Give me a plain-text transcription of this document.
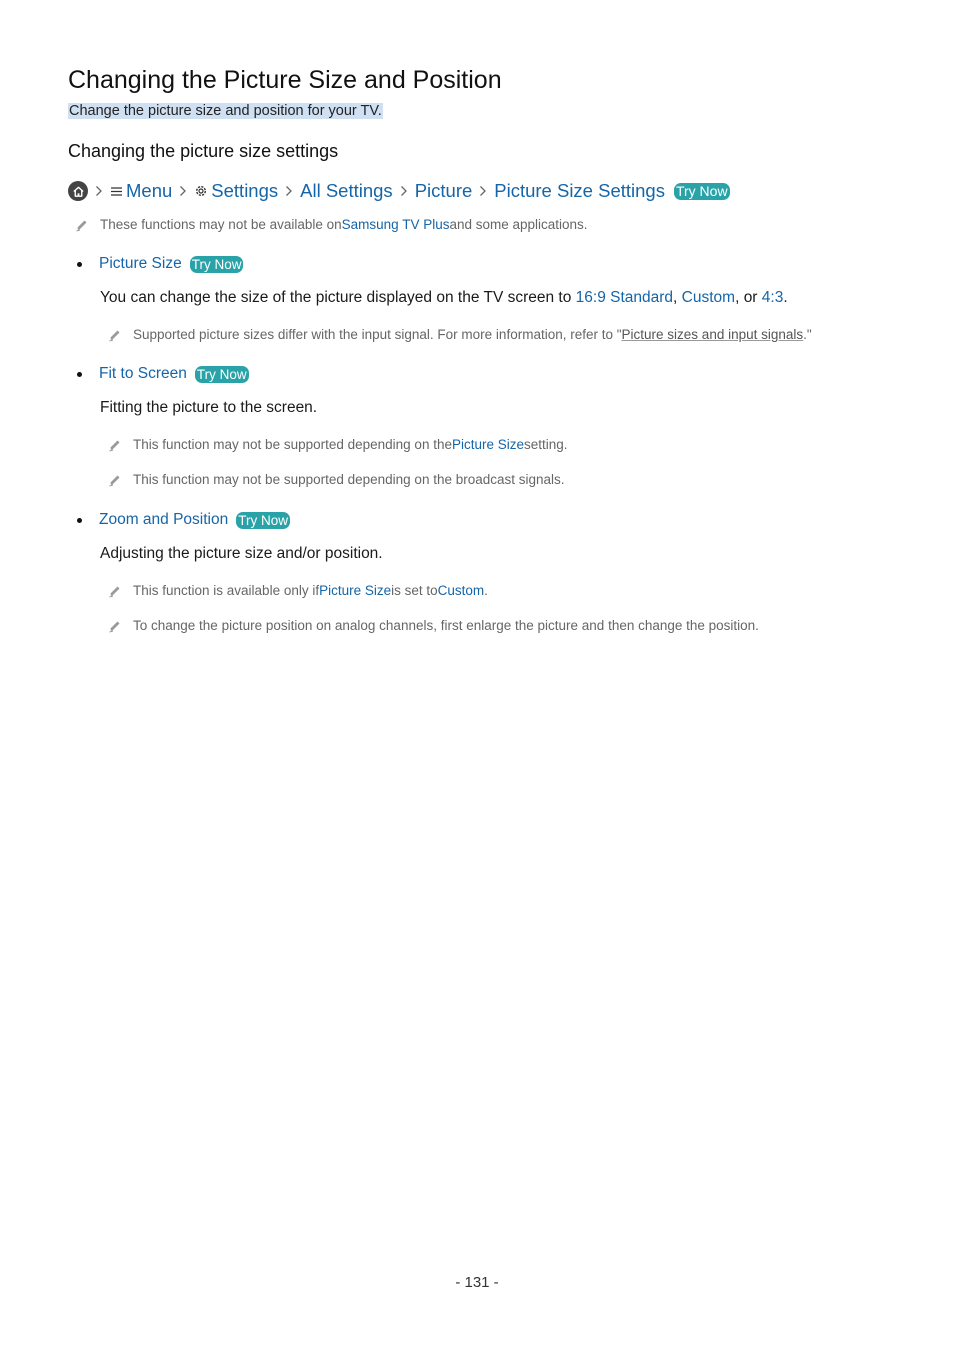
Changing the Picture Size and Position
Change the picture size and position for your TV.
Changing the picture size settings
Menu Settings All Settings Picture Picture Size Settings Try Now
These functions may not be available on Samsung TV Plus and some applications.
Picture Size Try Now
You can change the size of the picture displayed on the TV screen to 16:9 Standard, Custom, or 4:3.
Supported picture sizes differ with the input signal. For more information, refer to " Picture sizes and input signals ."
Fit to Screen Try Now
Fitting the picture to the screen.
This function may not be supported depending on the Picture Size setting.
This function may not be supported depending on the broadcast signals.
Zoom and Position Try Now
Adjusting the picture size and/or position.
This function is available only if Picture Size is set to Custom .
To change the picture position on analog channels, first enlarge the picture and then change the position.
- 131 -
